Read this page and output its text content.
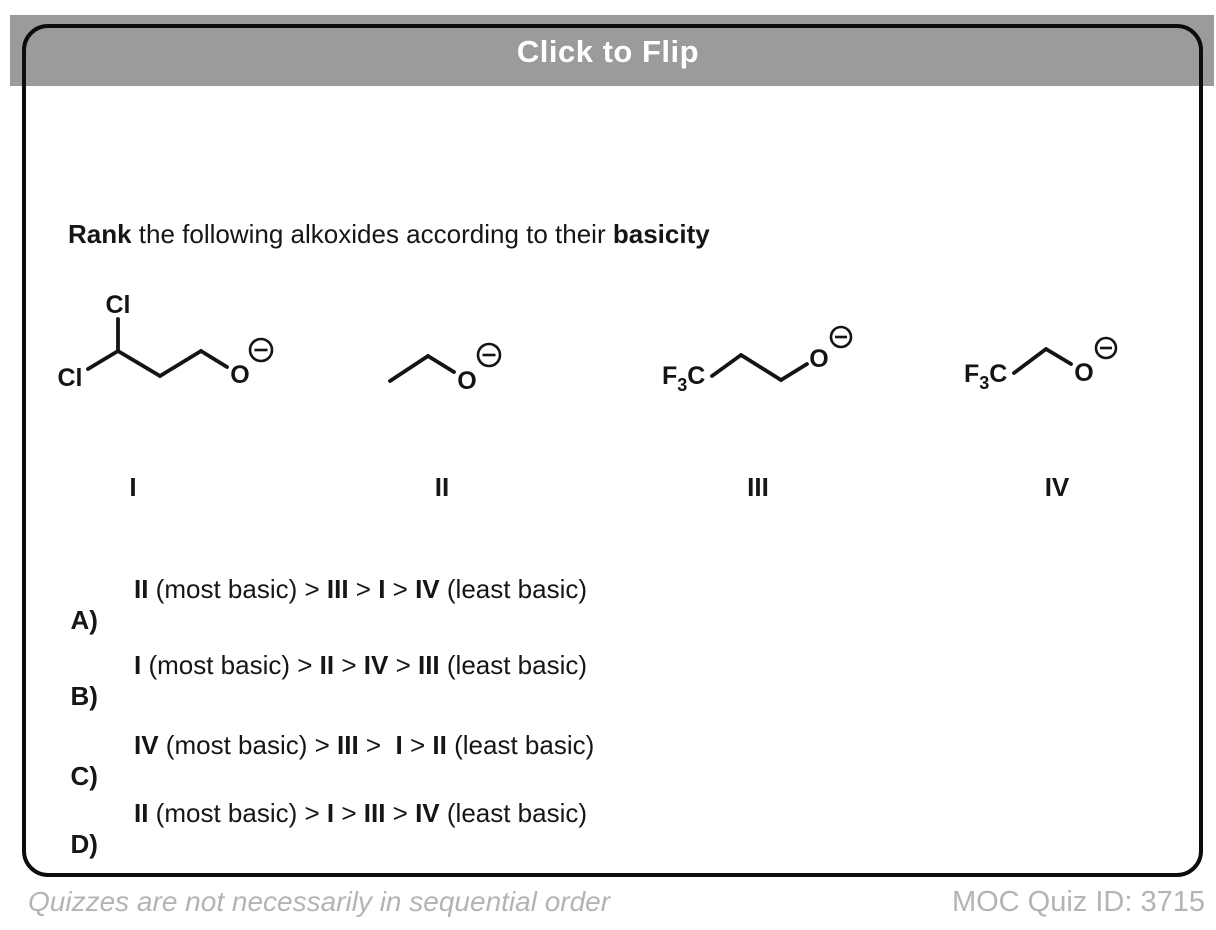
Click to Flip
Rank the following alkoxides according to their basicity
Cl
Cl	O	O	$F_3C$
O
$F_3C$	O
I	II	III	IV

A)

II (most basic) > III > I > IV (least basic)

B)

I (most basic) > II > IV > III (least basic)

C)

IV (most basic) > III >  I > II (least basic)

D)

II (most basic) > I > III > IV (least basic)

Quizzes are not necessarily in sequential order	MOC Quiz ID: 3715
